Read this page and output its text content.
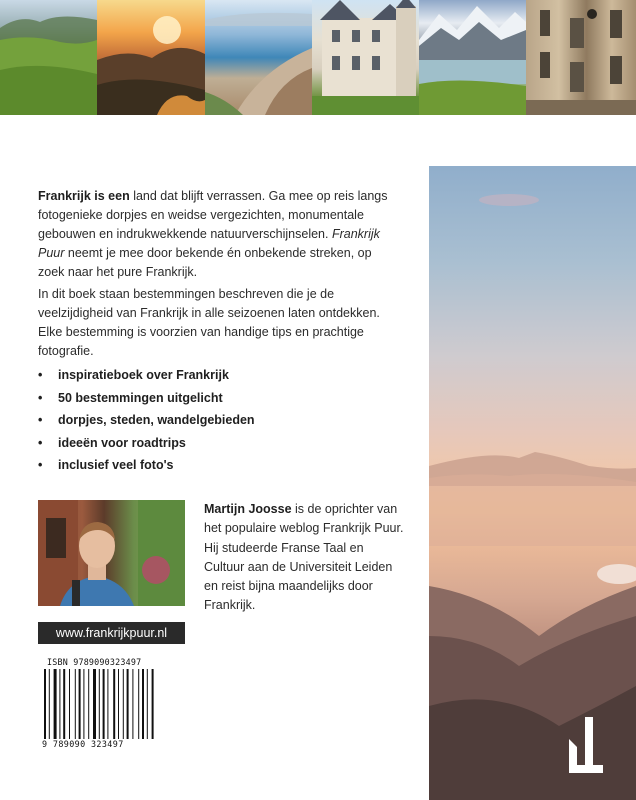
Frankrijk is een land dat blijft verrassen. Ga mee op reis langs fotogenieke dorpjes en weidse vergezichten, monumentale gebouwen en indrukwekkende natuurverschijnselen. Frankrijk Puur neemt je mee door bekende én onbekende streken, op zoek naar het pure Frankrijk.

In dit boek staan bestemmingen beschreven die je de veelzijdigheid van Frankrijk in alle seizoenen laten ontdekken. Elke bestemming is voorzien van handige tips en prachtige fotografie.

• inspiratieboek over Frankrijk
• 50 bestemmingen uitgelicht
• dorpjes, steden, wandelgebieden
• ideeën voor roadtrips
• inclusief veel foto's

Martijn Joosse is de oprichter van het populaire weblog Frankrijk Puur. Hij studeerde Franse Taal en Cultuur aan de Universiteit Leiden en reist bijna maandelijks door Frankrijk.

www.frankrijkpuur.nl
ISBN 9789090323497
9 789090 323497
